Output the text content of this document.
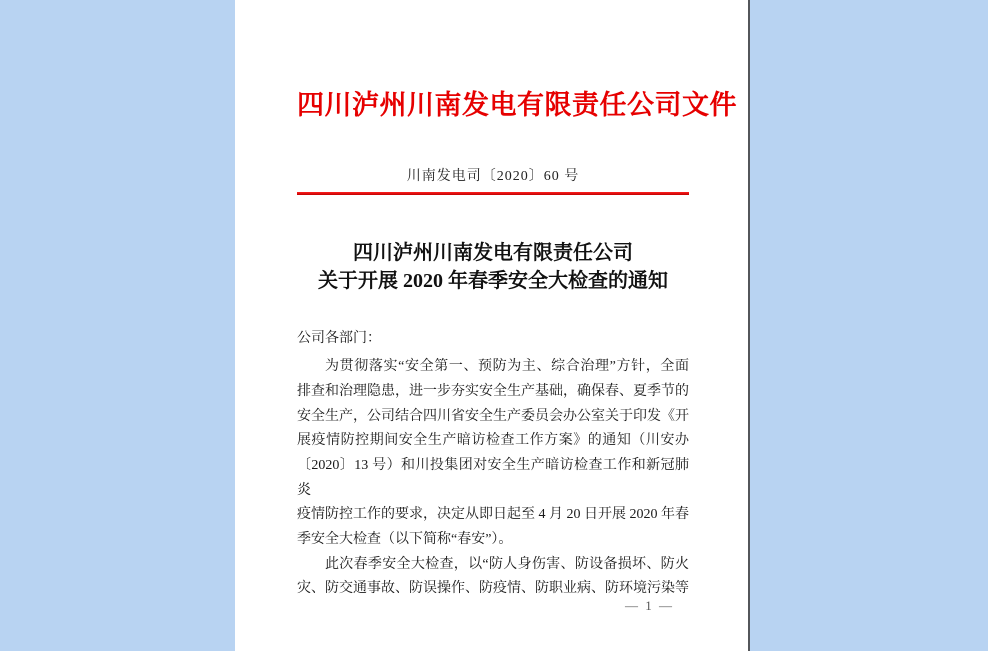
四川泸州川南发电有限责任公司文件
川南发电司〔2020〕60 号
四川泸州川南发电有限责任公司
关于开展 2020 年春季安全大检查的通知
公司各部门：
为贯彻落实“安全第一、预防为主、综合治理”方针，全面
排查和治理隐患，进一步夯实安全生产基础，确保春、夏季节的
安全生产，公司结合四川省安全生产委员会办公室关于印发《开
展疫情防控期间安全生产暗访检查工作方案》的通知（川安办
〔2020〕13 号）和川投集团对安全生产暗访检查工作和新冠肺炎
疫情防控工作的要求，决定从即日起至 4 月 20 日开展 2020 年春
季安全大检查（以下简称“春安”）。
此次春季安全大检查，以“防人身伤害、防设备损坏、防火
灾、防交通事故、防误操作、防疫情、防职业病、防环境污染等
— 1 —
